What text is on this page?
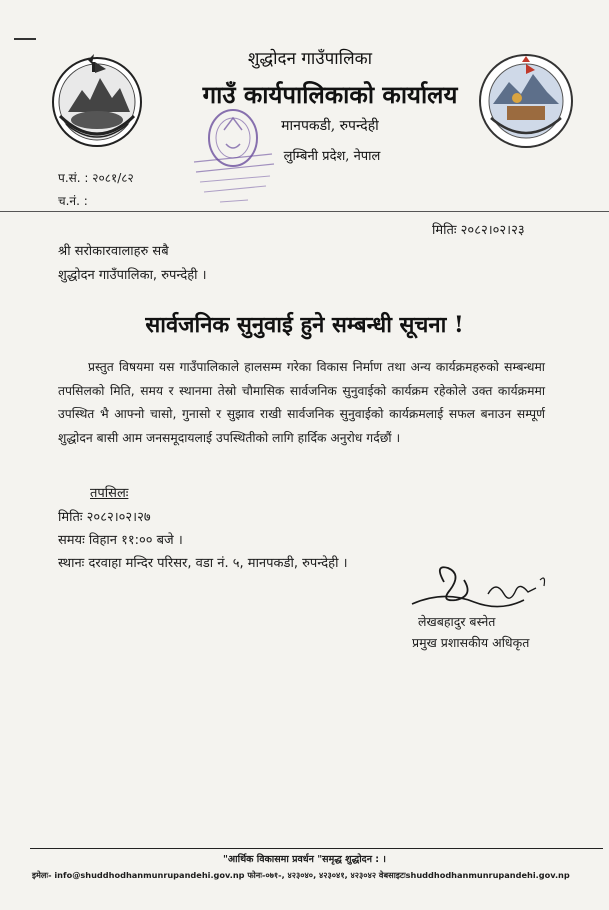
शुद्धोदन गाउँपालिका
गाउँ कार्यपालिकाको कार्यालय
मानपकडी, रुपन्देही
लुम्बिनी प्रदेश, नेपाल
प.सं. : २०८१/८२
च.नं. :
मितिः २०८२।०२।२३
श्री सरोकारवालाहरु सबै
शुद्धोदन गाउँपालिका, रुपन्देही ।
सार्वजनिक सुनुवाई हुने सम्बन्धी सूचना !
प्रस्तुत विषयमा यस गाउँपालिकाले हालसम्म गरेका विकास निर्माण तथा अन्य कार्यक्रमहरुको सम्बन्धमा तपसिलको मिति, समय र स्थानमा तेस्रो चौमासिक सार्वजनिक सुनुवाईको कार्यक्रम रहेकोले उक्त कार्यक्रममा उपस्थित भै आफ्नो चासो, गुनासो र सुझाव राखी सार्वजनिक सुनुवाईको कार्यक्रमलाई सफल बनाउन सम्पूर्ण शुद्धोदन बासी आम जनसमूदायलाई उपस्थितीको लागि हार्दिक अनुरोध गर्दछौं ।
तपसिलः
मितिः २०८२।०२।२७
समयः विहान ११:०० बजे ।
स्थानः दरवाहा मन्दिर परिसर, वडा नं. ५, मानपकडी, रुपन्देही ।
लेखबहादुर बस्नेत
प्रमुख प्रशासकीय अधिकृत
"आर्थिक विकासमा प्रवर्धन "समृद्ध शुद्धोदन : ।
इमेलः- info@shuddhodhanmunrupandehi.gov.np फोनः-०७१-, ४२३०४०, ४२३०४१, ४२३०४२ वेबसाइटःshuddhodhanmunrupandehi.gov.np
